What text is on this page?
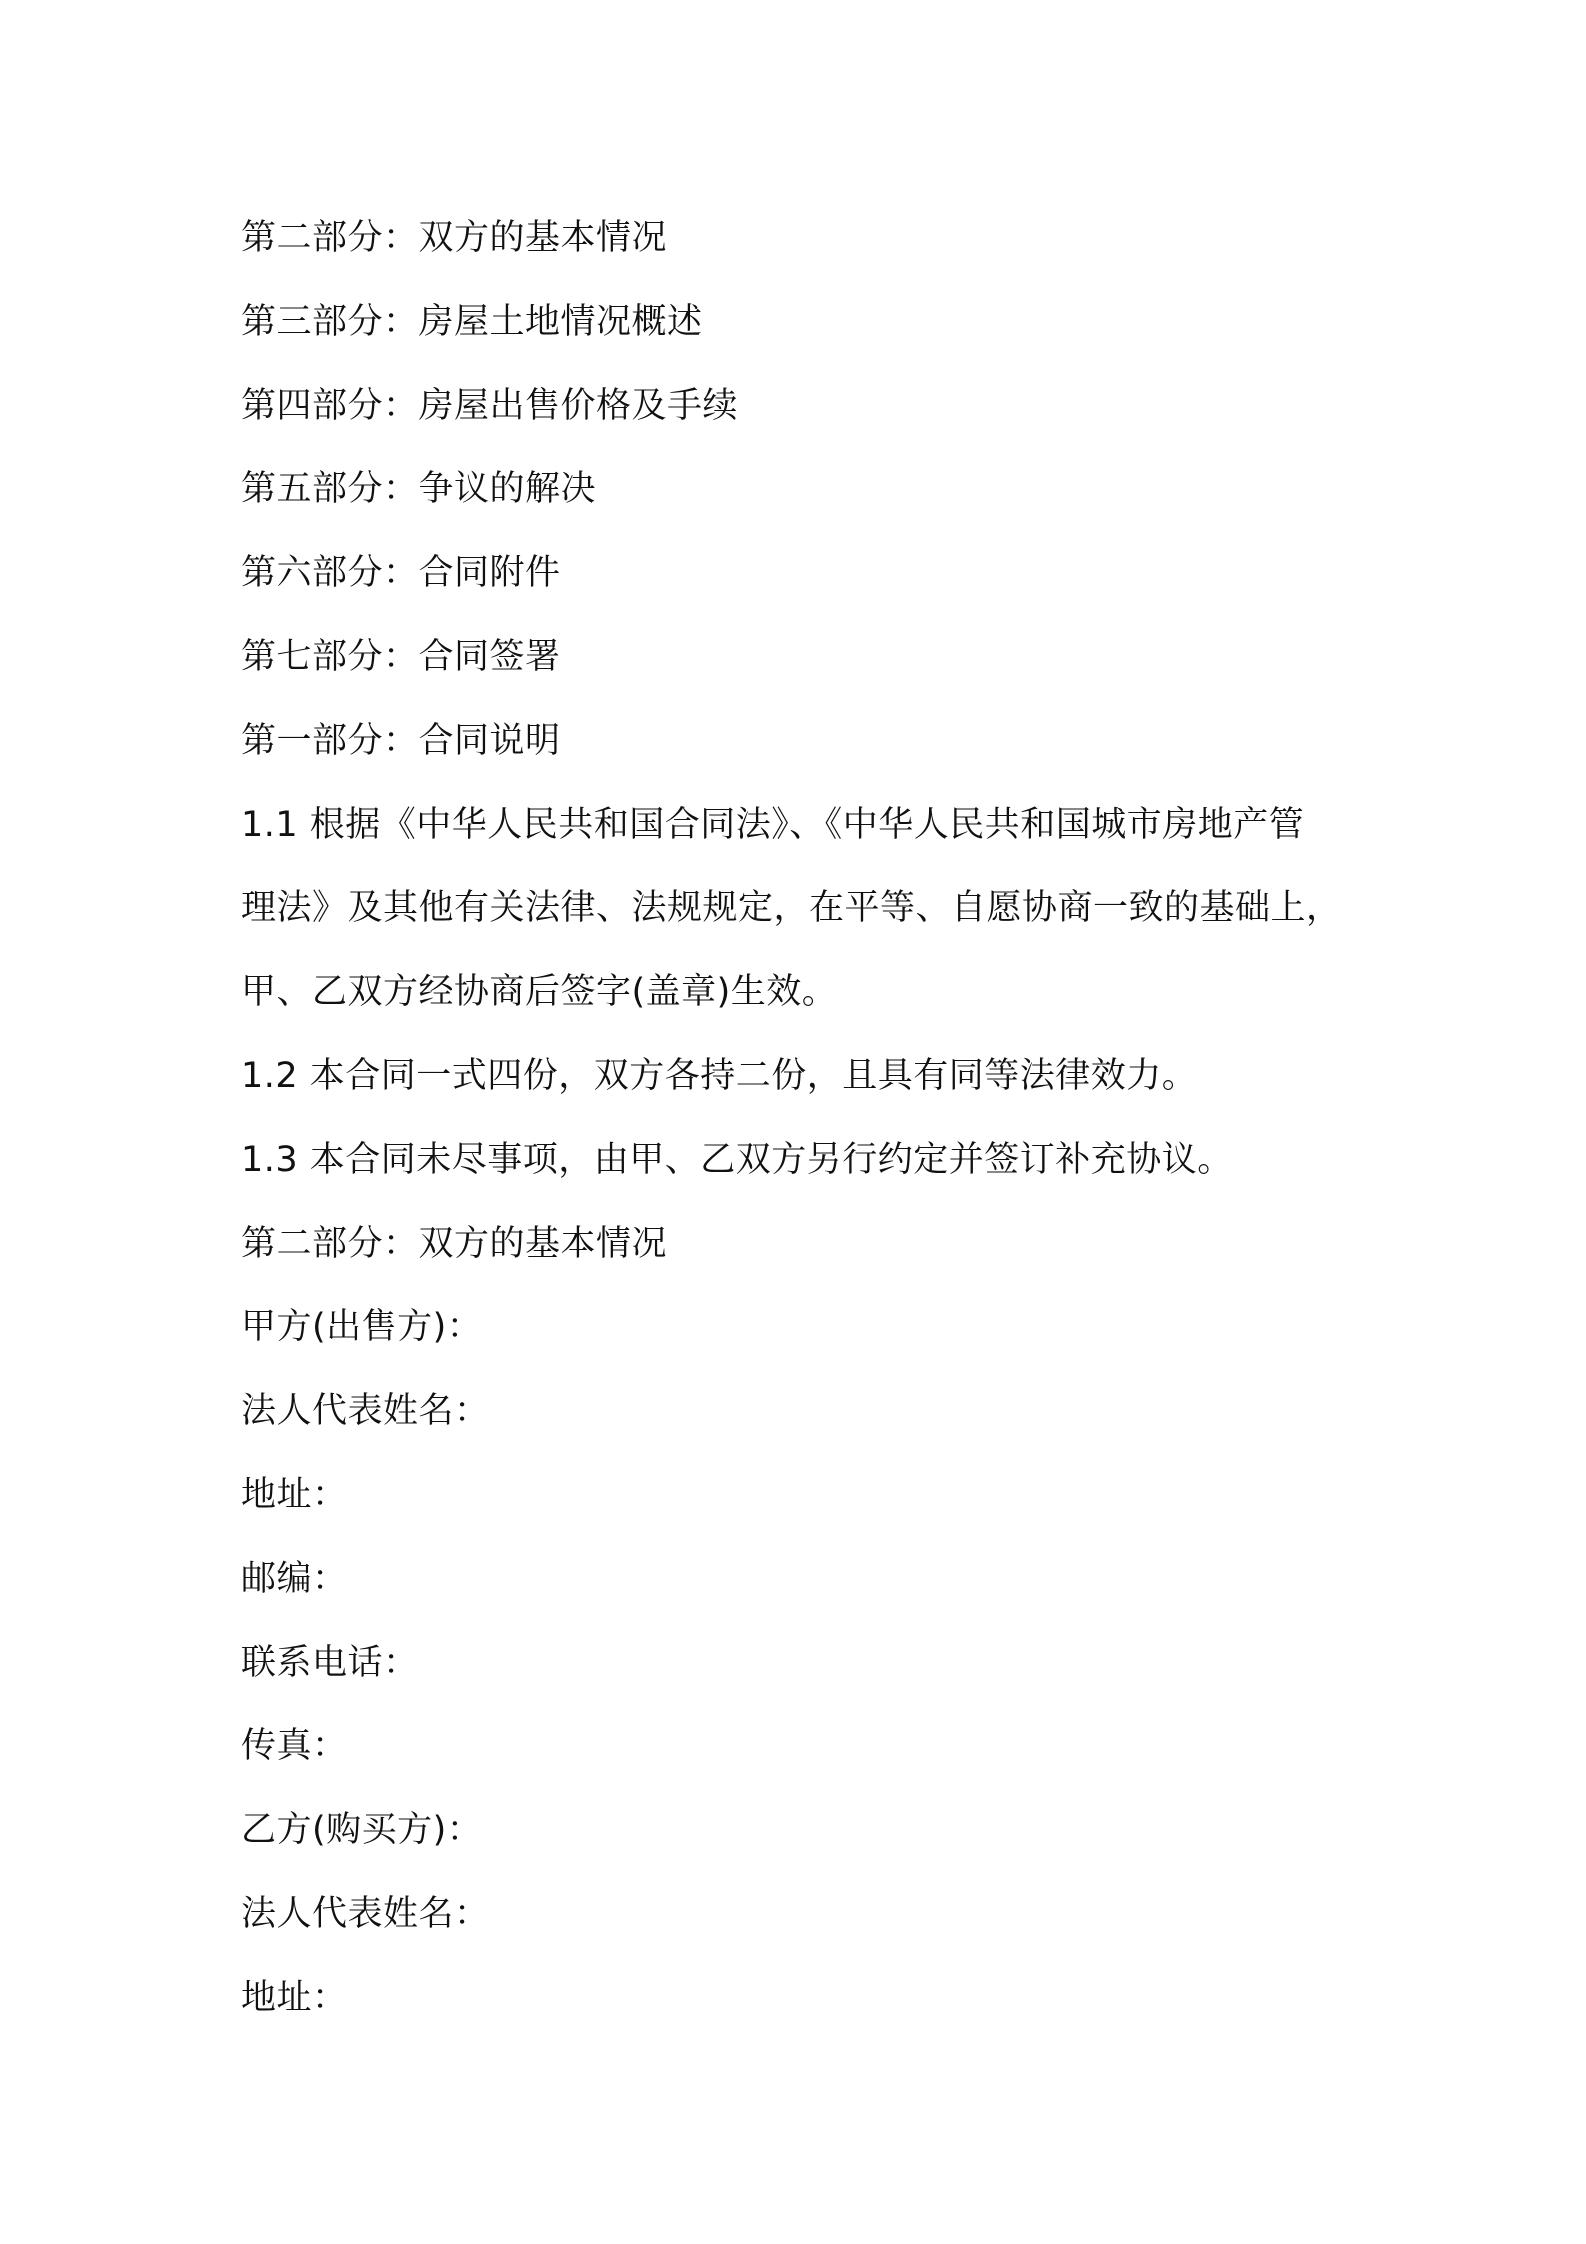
第二部分：双方的基本情况

第三部分：房屋土地情况概述

第四部分：房屋出售价格及手续

第五部分：争议的解决

第六部分：合同附件

第七部分：合同签署

第一部分：合同说明

1.1 根据《中华人民共和国合同法》、《中华人民共和国城市房地产管

理法》及其他有关法律、法规规定，在平等、自愿协商一致的基础上，

甲、乙双方经协商后签字(盖章)生效。

1.2 本合同一式四份，双方各持二份，且具有同等法律效力。

1.3 本合同未尽事项，由甲、乙双方另行约定并签订补充协议。

第二部分：双方的基本情况

甲方(出售方)：

法人代表姓名：

地址：

邮编：

联系电话：

传真：

乙方(购买方)：

法人代表姓名：

地址：
